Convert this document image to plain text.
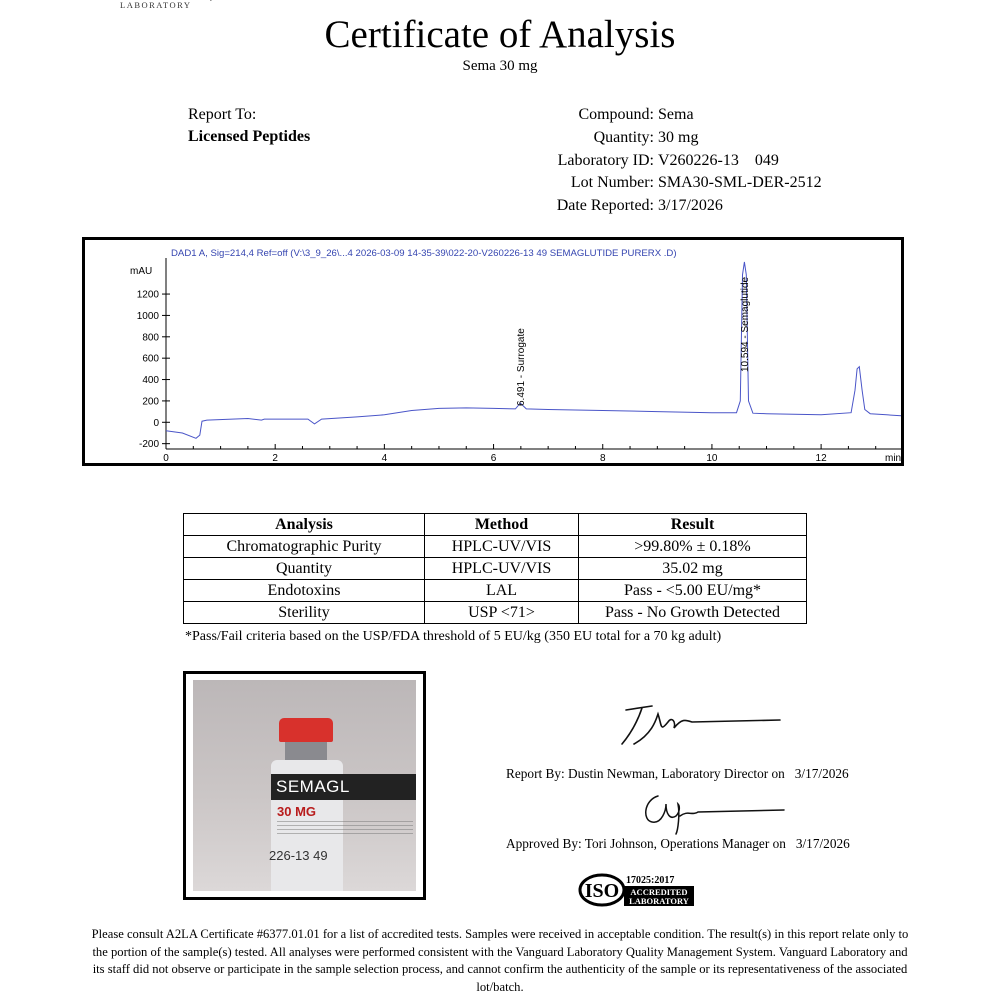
LABORATORY
Certificate of Analysis
Sema 30 mg
Report To:
Licensed Peptides
Compound: Sema
Quantity: 30 mg
Laboratory ID: V260226-13    049
Lot Number: SMA30-SML-DER-2512
Date Reported: 3/17/2026
DAD1 A, Sig=214,4 Ref=off (V:\3_9_26\...4 2026-03-09 14-35-39\022-20-V260226-13 49 SEMAGLUTIDE PURERX .D)
-200
0
200
400
600
800
1000
1200
mAU
0	2	4	6	8	10	12	min
6.491 - Surrogate	10.594 - Semaglutide
Analysis	Method	Result
Chromatographic Purity	HPLC-UV/VIS	>99.80% ± 0.18%
Quantity	HPLC-UV/VIS	35.02 mg
Endotoxins	LAL	Pass - <5.00 EU/mg*
Sterility	USP <71>	Pass - No Growth Detected
*Pass/Fail criteria based on the USP/FDA threshold of 5 EU/kg (350 EU total for a 70 kg adult)
SEMAGL
30 MG
226-13 49
Report By: Dustin Newman, Laboratory Director on   3/17/2026
Approved By: Tori Johnson, Operations Manager on   3/17/2026
ISO 17025:2017
ACCREDITED
LABORATORY
Please consult A2LA Certificate #6377.01.01 for a list of accredited tests. Samples were received in acceptable condition. The result(s) in this report relate only to the portion of the sample(s) tested. All analyses were performed consistent with the Vanguard Laboratory Quality Management System. Vanguard Laboratory and its staff did not observe or participate in the sample selection process, and cannot confirm the authenticity of the sample or its representativeness of the associated lot/batch.
